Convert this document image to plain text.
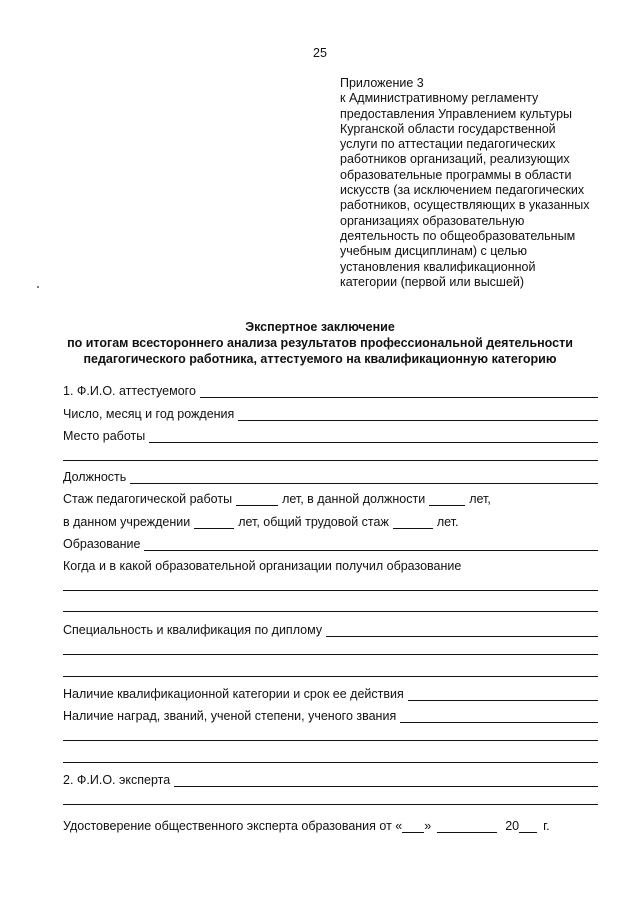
25
Приложение 3
к Административному регламенту
предоставления Управлением культуры
Курганской области государственной
услуги по аттестации педагогических
работников организаций, реализующих
образовательные программы в области
искусств (за исключением педагогических
работников, осуществляющих в указанных
организациях образовательную
деятельность по общеобразовательным
учебным дисциплинам) с целью
установления квалификационной
категории (первой или высшей)
Экспертное заключение
по итогам всестороннего анализа результатов профессиональной деятельности
педагогического работника, аттестуемого на квалификационную категорию
1. Ф.И.О. аттестуемого
Число, месяц и год рождения
Место работы
Должность
Стаж педагогической работы	лет, в данной должности	лет,
в данном учреждении	лет, общий трудовой стаж	лет.
Образование
Когда и в какой образовательной организации получил образование
Специальность и квалификация по диплому
Наличие квалификационной категории и срок ее действия
Наличие наград, званий, ученой степени, ученого звания
2. Ф.И.О. эксперта
Удостоверение общественного эксперта образования от « »	20	г.
